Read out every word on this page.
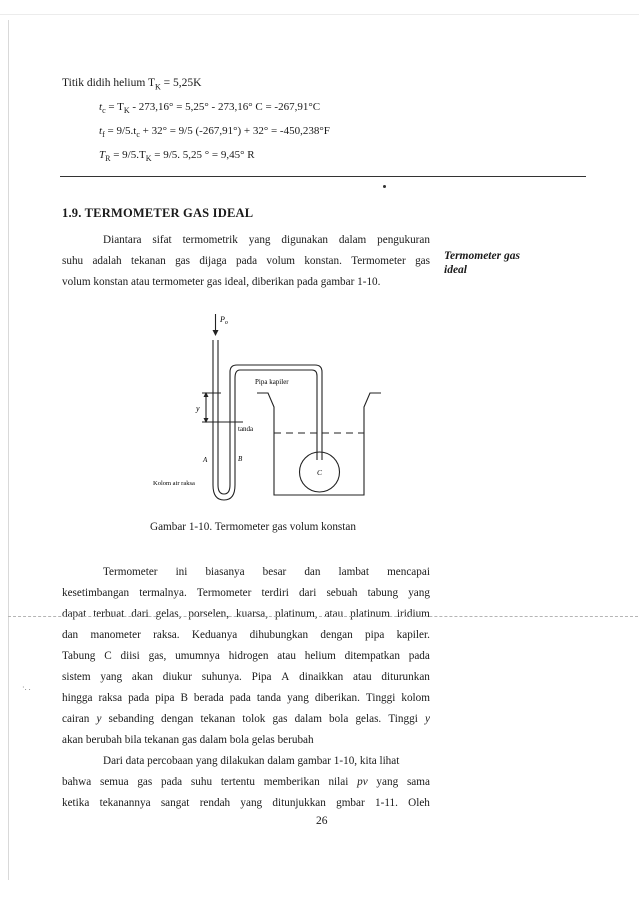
Titik didih helium $T_K = 5,25K$
$t_c = T_K - 273,16^\circ = 5,25^\circ - 273,16^\circ$ C = -267,91°C
$t_f = 9/5.t_c + 32^\circ = 9/5$ (-267,91°) + 32° = -450,238°F
$T_R = 9/5.T_K = 9/5$. 5,25 ° = 9,45° R
1.9. TERMOMETER GAS IDEAL
Diantara sifat termometrik yang digunakan dalam pengukuran
suhu adalah tekanan gas dijaga pada volum konstan. Termometer gas
volum konstan atau termometer gas ideal, diberikan pada gambar 1-10.
Termometer gas
ideal
$P_o$
Pipa kapiler
y
tanda
A	B
C
Kolom air raksa
Gambar 1-10. Termometer gas volum konstan
Termometer ini biasanya besar dan lambat mencapai
kesetimbangan termalnya. Termometer terdiri dari sebuah tabung yang
dapat terbuat dari gelas, porselen, kuarsa, platinum, atau platinum iridium
dan manometer raksa. Keduanya dihubungkan dengan pipa kapiler.
Tabung C diisi gas, umumnya hidrogen atau helium ditempatkan pada
sistem yang akan diukur suhunya. Pipa A dinaikkan atau diturunkan
hingga raksa pada pipa B berada pada tanda yang diberikan. Tinggi kolom
cairan y sebanding dengan tekanan tolok gas dalam bola gelas. Tinggi y
akan berubah bila tekanan gas dalam bola gelas berubah
Dari data percobaan yang dilakukan dalam gambar 1-10, kita lihat
bahwa semua gas pada suhu tertentu memberikan nilai pv yang sama
ketika tekanannya sangat rendah yang ditunjukkan gmbar 1-11. Oleh
·. .
26
